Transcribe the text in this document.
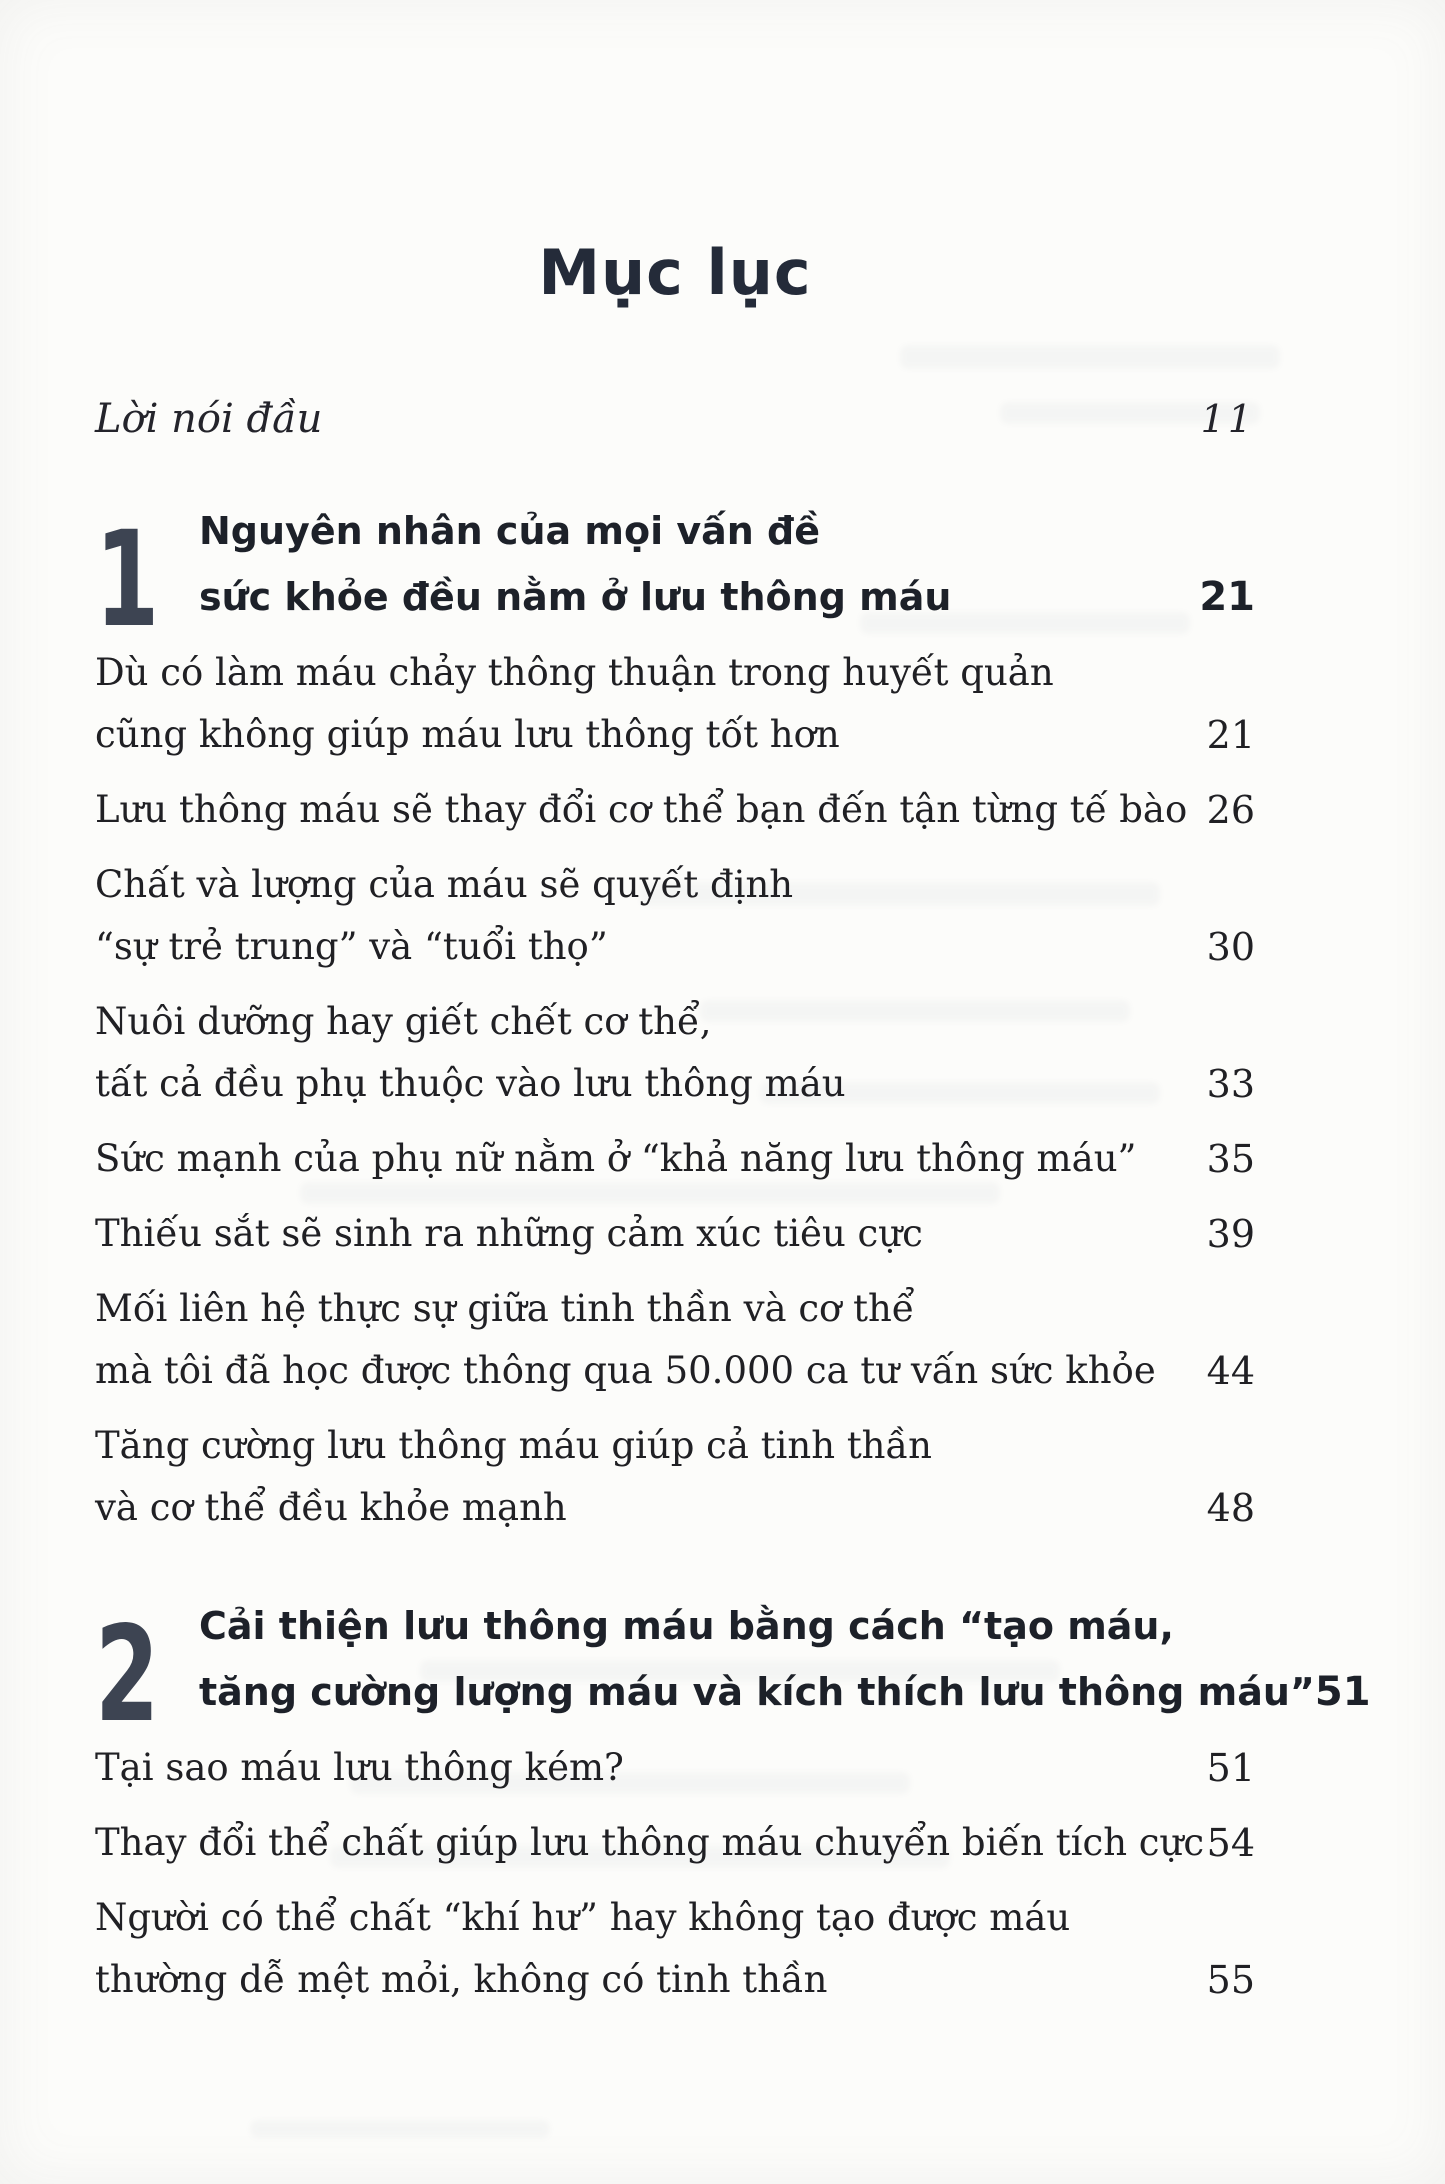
Mục lục
Lời nói đầu	11
1 Nguyên nhân của mọi vấn đề
sức khỏe đều nằm ở lưu thông máu	21
Dù có làm máu chảy thông thuận trong huyết quản
cũng không giúp máu lưu thông tốt hơn	21
Lưu thông máu sẽ thay đổi cơ thể bạn đến tận từng tế bào 26
Chất và lượng của máu sẽ quyết định
“sự trẻ trung” và “tuổi thọ”	30
Nuôi dưỡng hay giết chết cơ thể,
tất cả đều phụ thuộc vào lưu thông máu	33
Sức mạnh của phụ nữ nằm ở “khả năng lưu thông máu”	35
Thiếu sắt sẽ sinh ra những cảm xúc tiêu cực	39
Mối liên hệ thực sự giữa tinh thần và cơ thể
mà tôi đã học được thông qua 50.000 ca tư vấn sức khỏe	44
Tăng cường lưu thông máu giúp cả tinh thần
và cơ thể đều khỏe mạnh	48
2 Cải thiện lưu thông máu bằng cách “tạo máu,
tăng cường lượng máu và kích thích lưu thông máu” 51
Tại sao máu lưu thông kém?	51
Thay đổi thể chất giúp lưu thông máu chuyển biến tích cực 54
Người có thể chất “khí hư” hay không tạo được máu
thường dễ mệt mỏi, không có tinh thần	55
